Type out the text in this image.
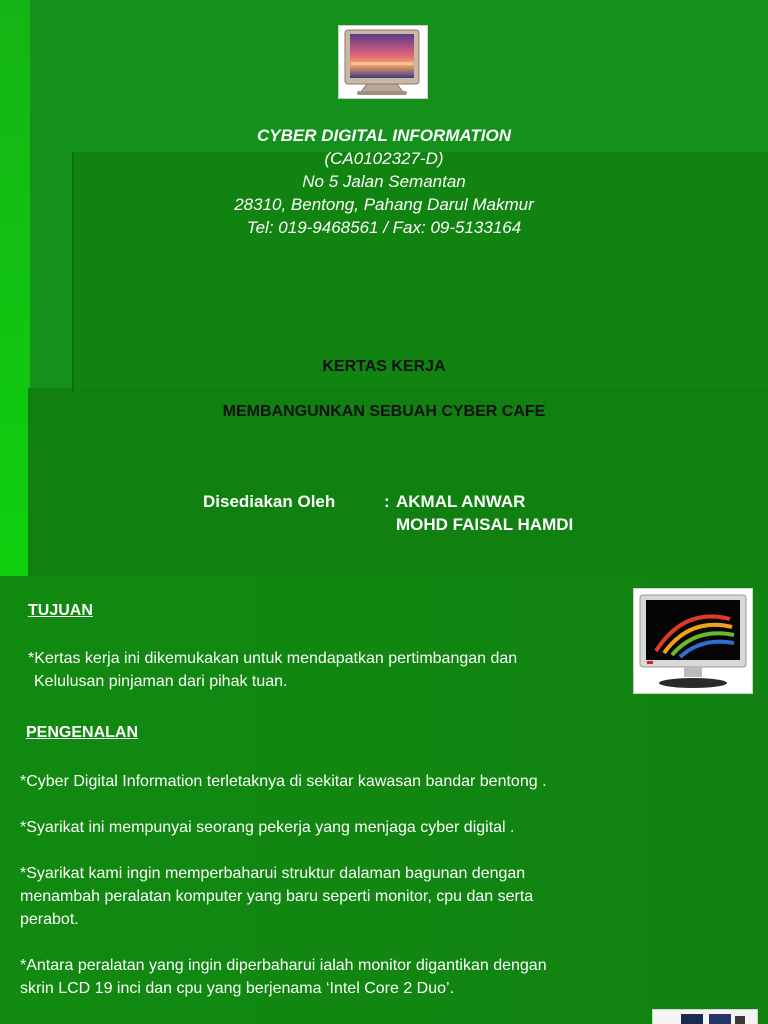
CYBER DIGITAL INFORMATION
(CA0102327-D)
No 5 Jalan Semantan
28310, Bentong, Pahang Darul Makmur
Tel: 019-9468561 / Fax: 09-5133164
KERTAS KERJA
MEMBANGUNKAN SEBUAH CYBER CAFE
Disediakan Oleh	: AKMAL ANWAR
MOHD FAISAL HAMDI
TUJUAN
*Kertas kerja ini dikemukakan untuk mendapatkan pertimbangan dan
Kelulusan pinjaman dari pihak tuan.
PENGENALAN
*Cyber Digital Information terletaknya di sekitar kawasan bandar bentong .
*Syarikat ini mempunyai seorang pekerja yang menjaga cyber digital .
*Syarikat kami ingin memperbaharui struktur dalaman bagunan dengan
menambah peralatan komputer yang baru seperti monitor, cpu dan serta
perabot.
*Antara peralatan yang ingin diperbaharui ialah monitor digantikan dengan
skrin LCD 19 inci dan cpu yang berjenama ‘Intel Core 2 Duo’.
